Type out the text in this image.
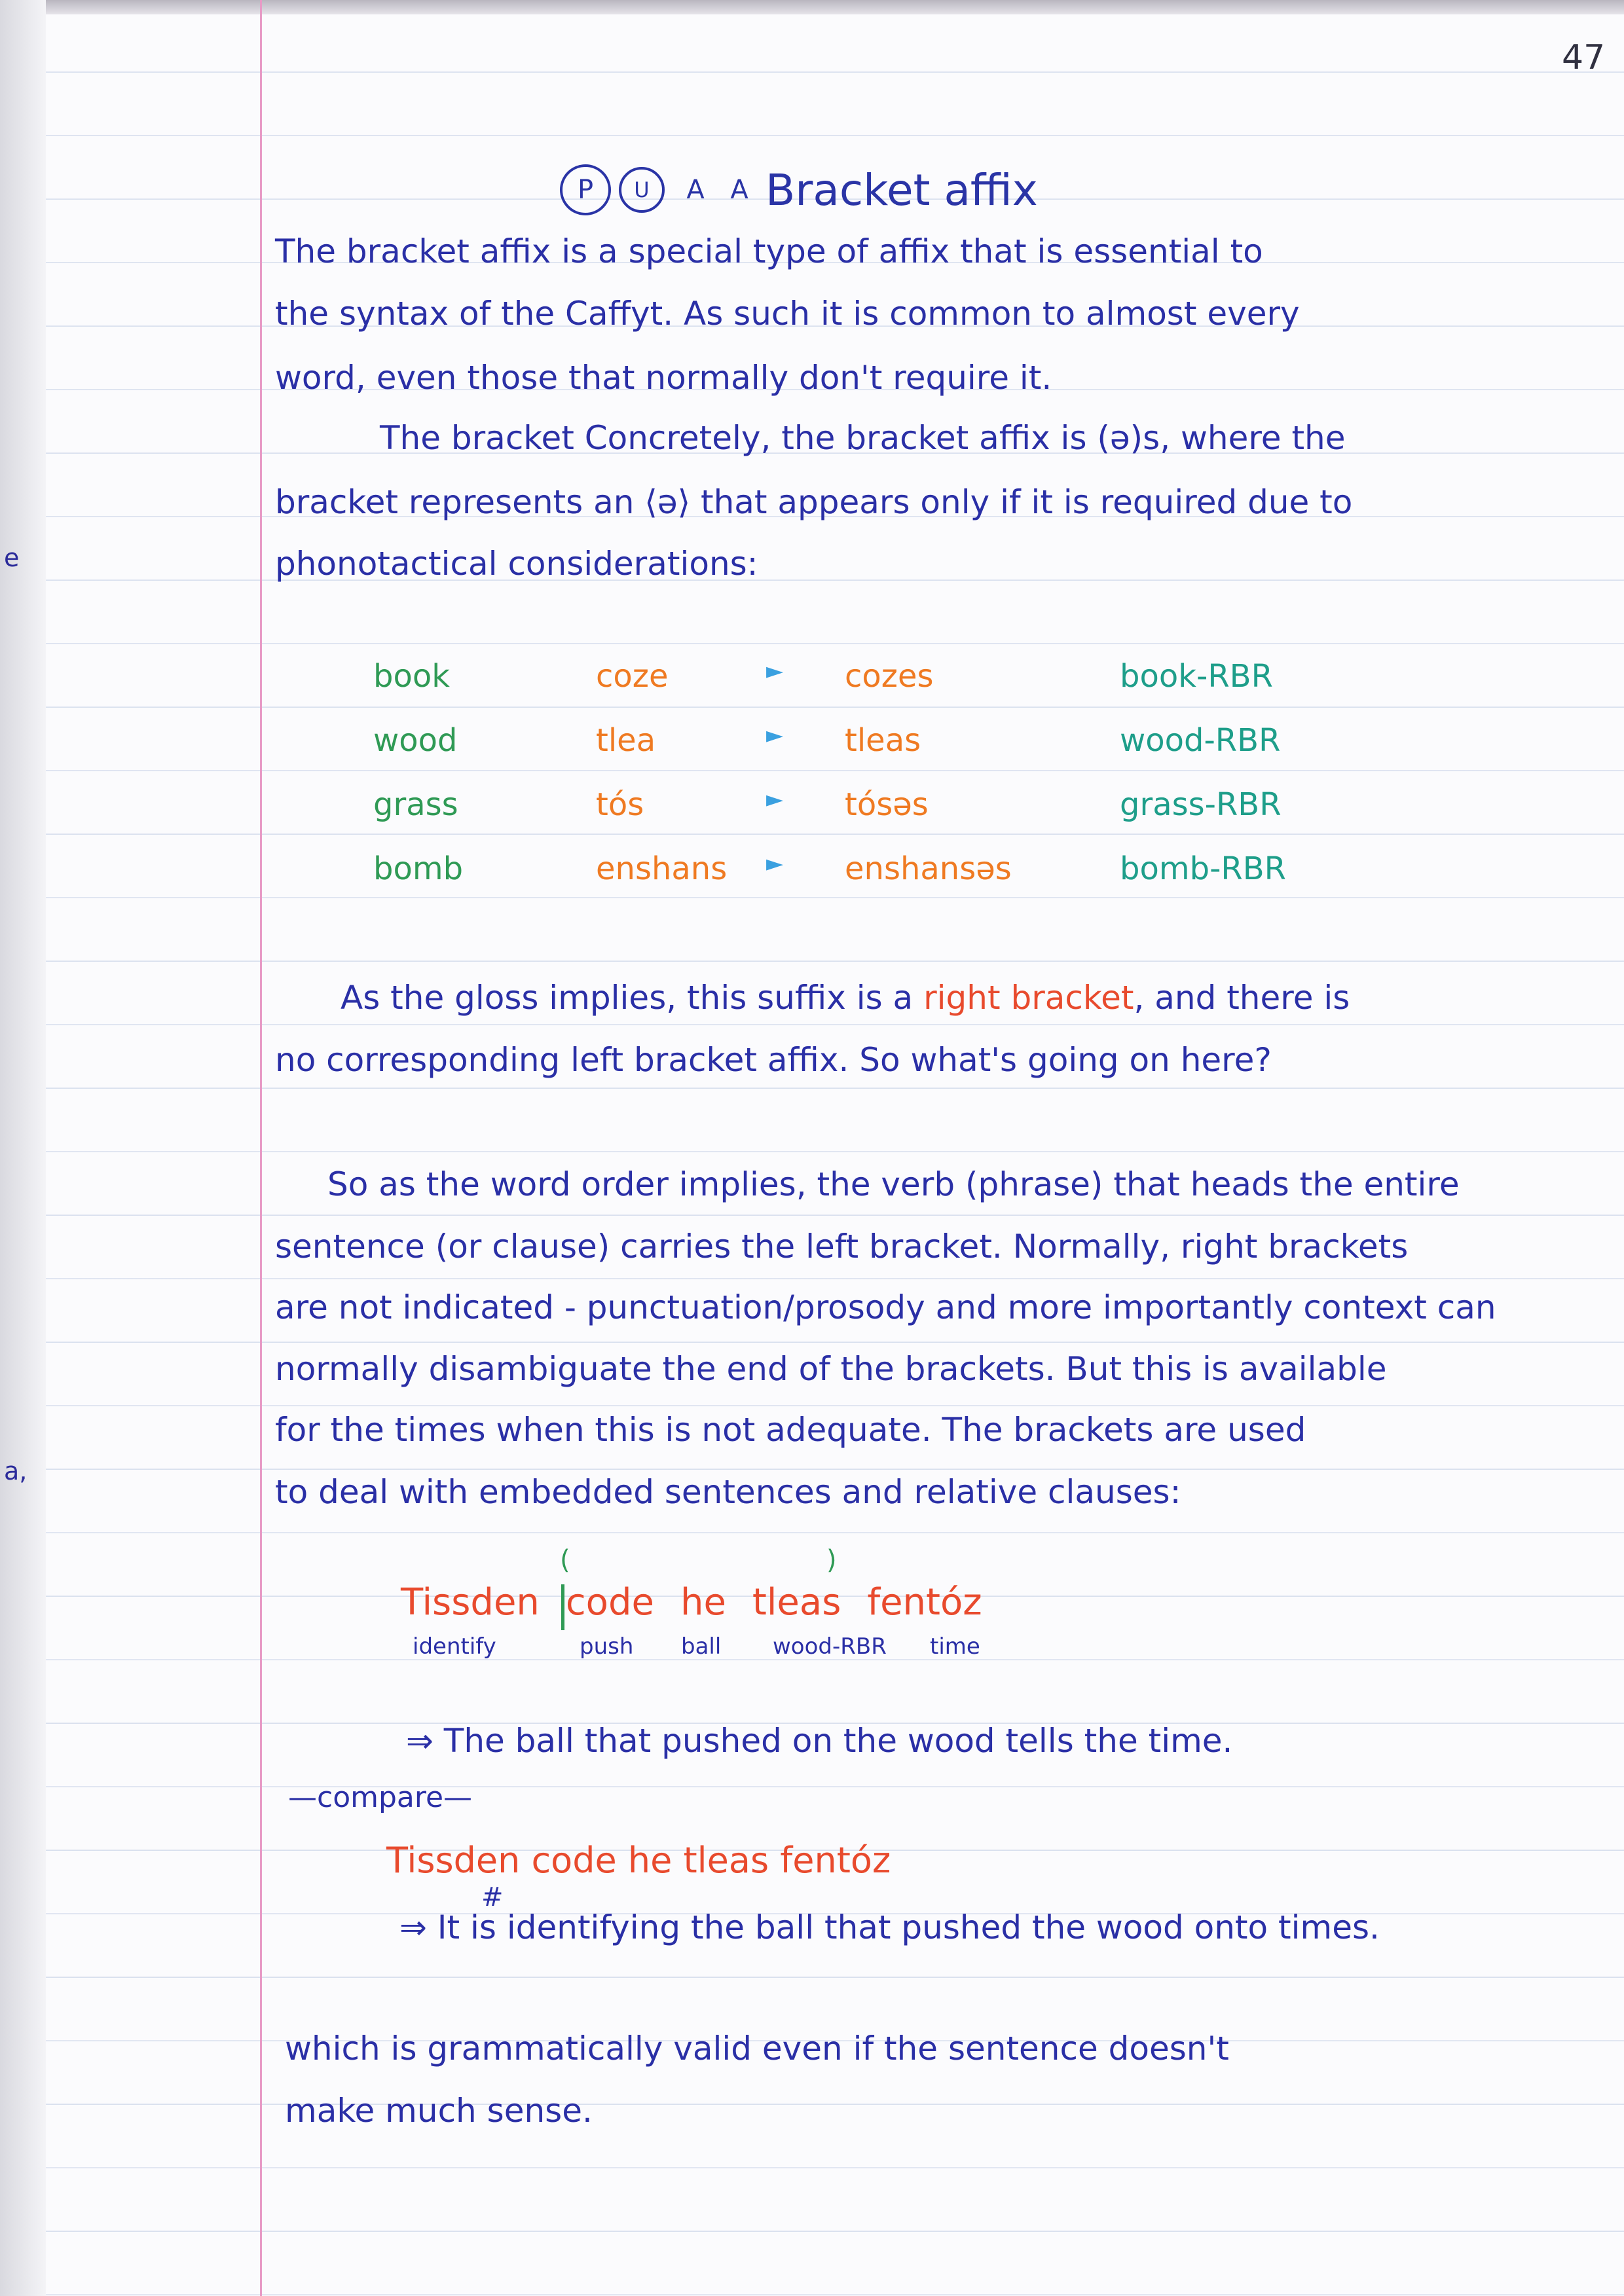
e
a,
47
P	U	A A Bracket affix
The bracket affix is a special type of affix that is essential to
the syntax of the Caffyt. As such it is common to almost every
word, even those that normally don't require it.
The bracket Concretely, the bracket affix is (ə)s, where the
bracket represents an ⟨ə⟩ that appears only if it is required due to
phonotactical considerations:
book	coze	► cozes	book-RBR
wood	tlea	► tleas	wood-RBR
grass	tós	► tósəs	grass-RBR
bomb	enshans ► enshansəs	bomb-RBR
As the gloss implies, this suffix is a right bracket, and there is
no corresponding left bracket affix. So what's going on here?
So as the word order implies, the verb (phrase) that heads the entire
sentence (or clause) carries the left bracket. Normally, right brackets
are not indicated - punctuation/prosody and more importantly context can
normally disambiguate the end of the brackets. But this is available
for the times when this is not adequate. The brackets are used
to deal with embedded sentences and relative clauses:
(	)
Tissden code he tleas fentóz
identify	push ball wood-RBR time
⇒ The ball that pushed on the wood tells the time.
—compare—
Tissden code he tleas fentóz
#
⇒ It is identifying the ball that pushed the wood onto times.
which is grammatically valid even if the sentence doesn't
make much sense.
